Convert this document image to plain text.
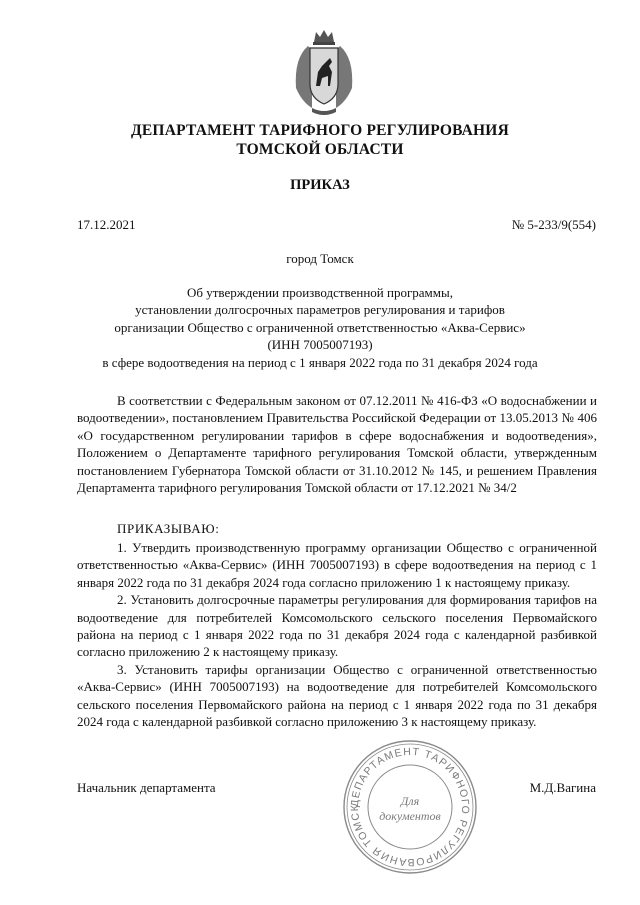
ДЕПАРТАМЕНТ ТАРИФНОГО РЕГУЛИРОВАНИЯ
ТОМСКОЙ ОБЛАСТИ
ПРИКАЗ
17.12.2021	№ 5-233/9(554)
город Томск
Об утверждении производственной программы,
установлении долгосрочных параметров регулирования и тарифов
организации Общество с ограниченной ответственностью «Аква-Сервис»
(ИНН 7005007193)
в сфере водоотведения на период с 1 января 2022 года по 31 декабря 2024 года
В соответствии с Федеральным законом от 07.12.2011 № 416-ФЗ «О водоснабжении и водоотведении», постановлением Правительства Российской Федерации от 13.05.2013 № 406 «О государственном регулировании тарифов в сфере водоснабжения и водоотведения», Положением о Департаменте тарифного регулирования Томской области, утвержденным постановлением Губернатора Томской области от 31.10.2012 № 145, и решением Правления Департамента тарифного регулирования Томской области от 17.12.2021 № 34/2
ПРИКАЗЫВАЮ:

1. Утвердить производственную программу организации Общество с ограниченной ответственностью «Аква-Сервис» (ИНН 7005007193) в сфере водоотведения на период с 1 января 2022 года по 31 декабря 2024 года согласно приложению 1 к настоящему приказу.

2. Установить долгосрочные параметры регулирования для формирования тарифов на водоотведение для потребителей Комсомольского сельского поселения Первомайского района на период с 1 января 2022 года по 31 декабря 2024 года с календарной разбивкой согласно приложению 2 к настоящему приказу.

3. Установить тарифы организации Общество с ограниченной ответственностью «Аква-Сервис» (ИНН 7005007193) на водоотведение для потребителей Комсомольского сельского поселения Первомайского района на период с 1 января 2022 года по 31 декабря 2024 года с календарной разбивкой согласно приложению 3 к настоящему приказу.

Начальник департамента	М.Д.Вагина
ДЕПАРТАМЕНТ ТАРИФНОГО РЕГУЛИРОВАНИЯ ТОМСК	Для
документов
